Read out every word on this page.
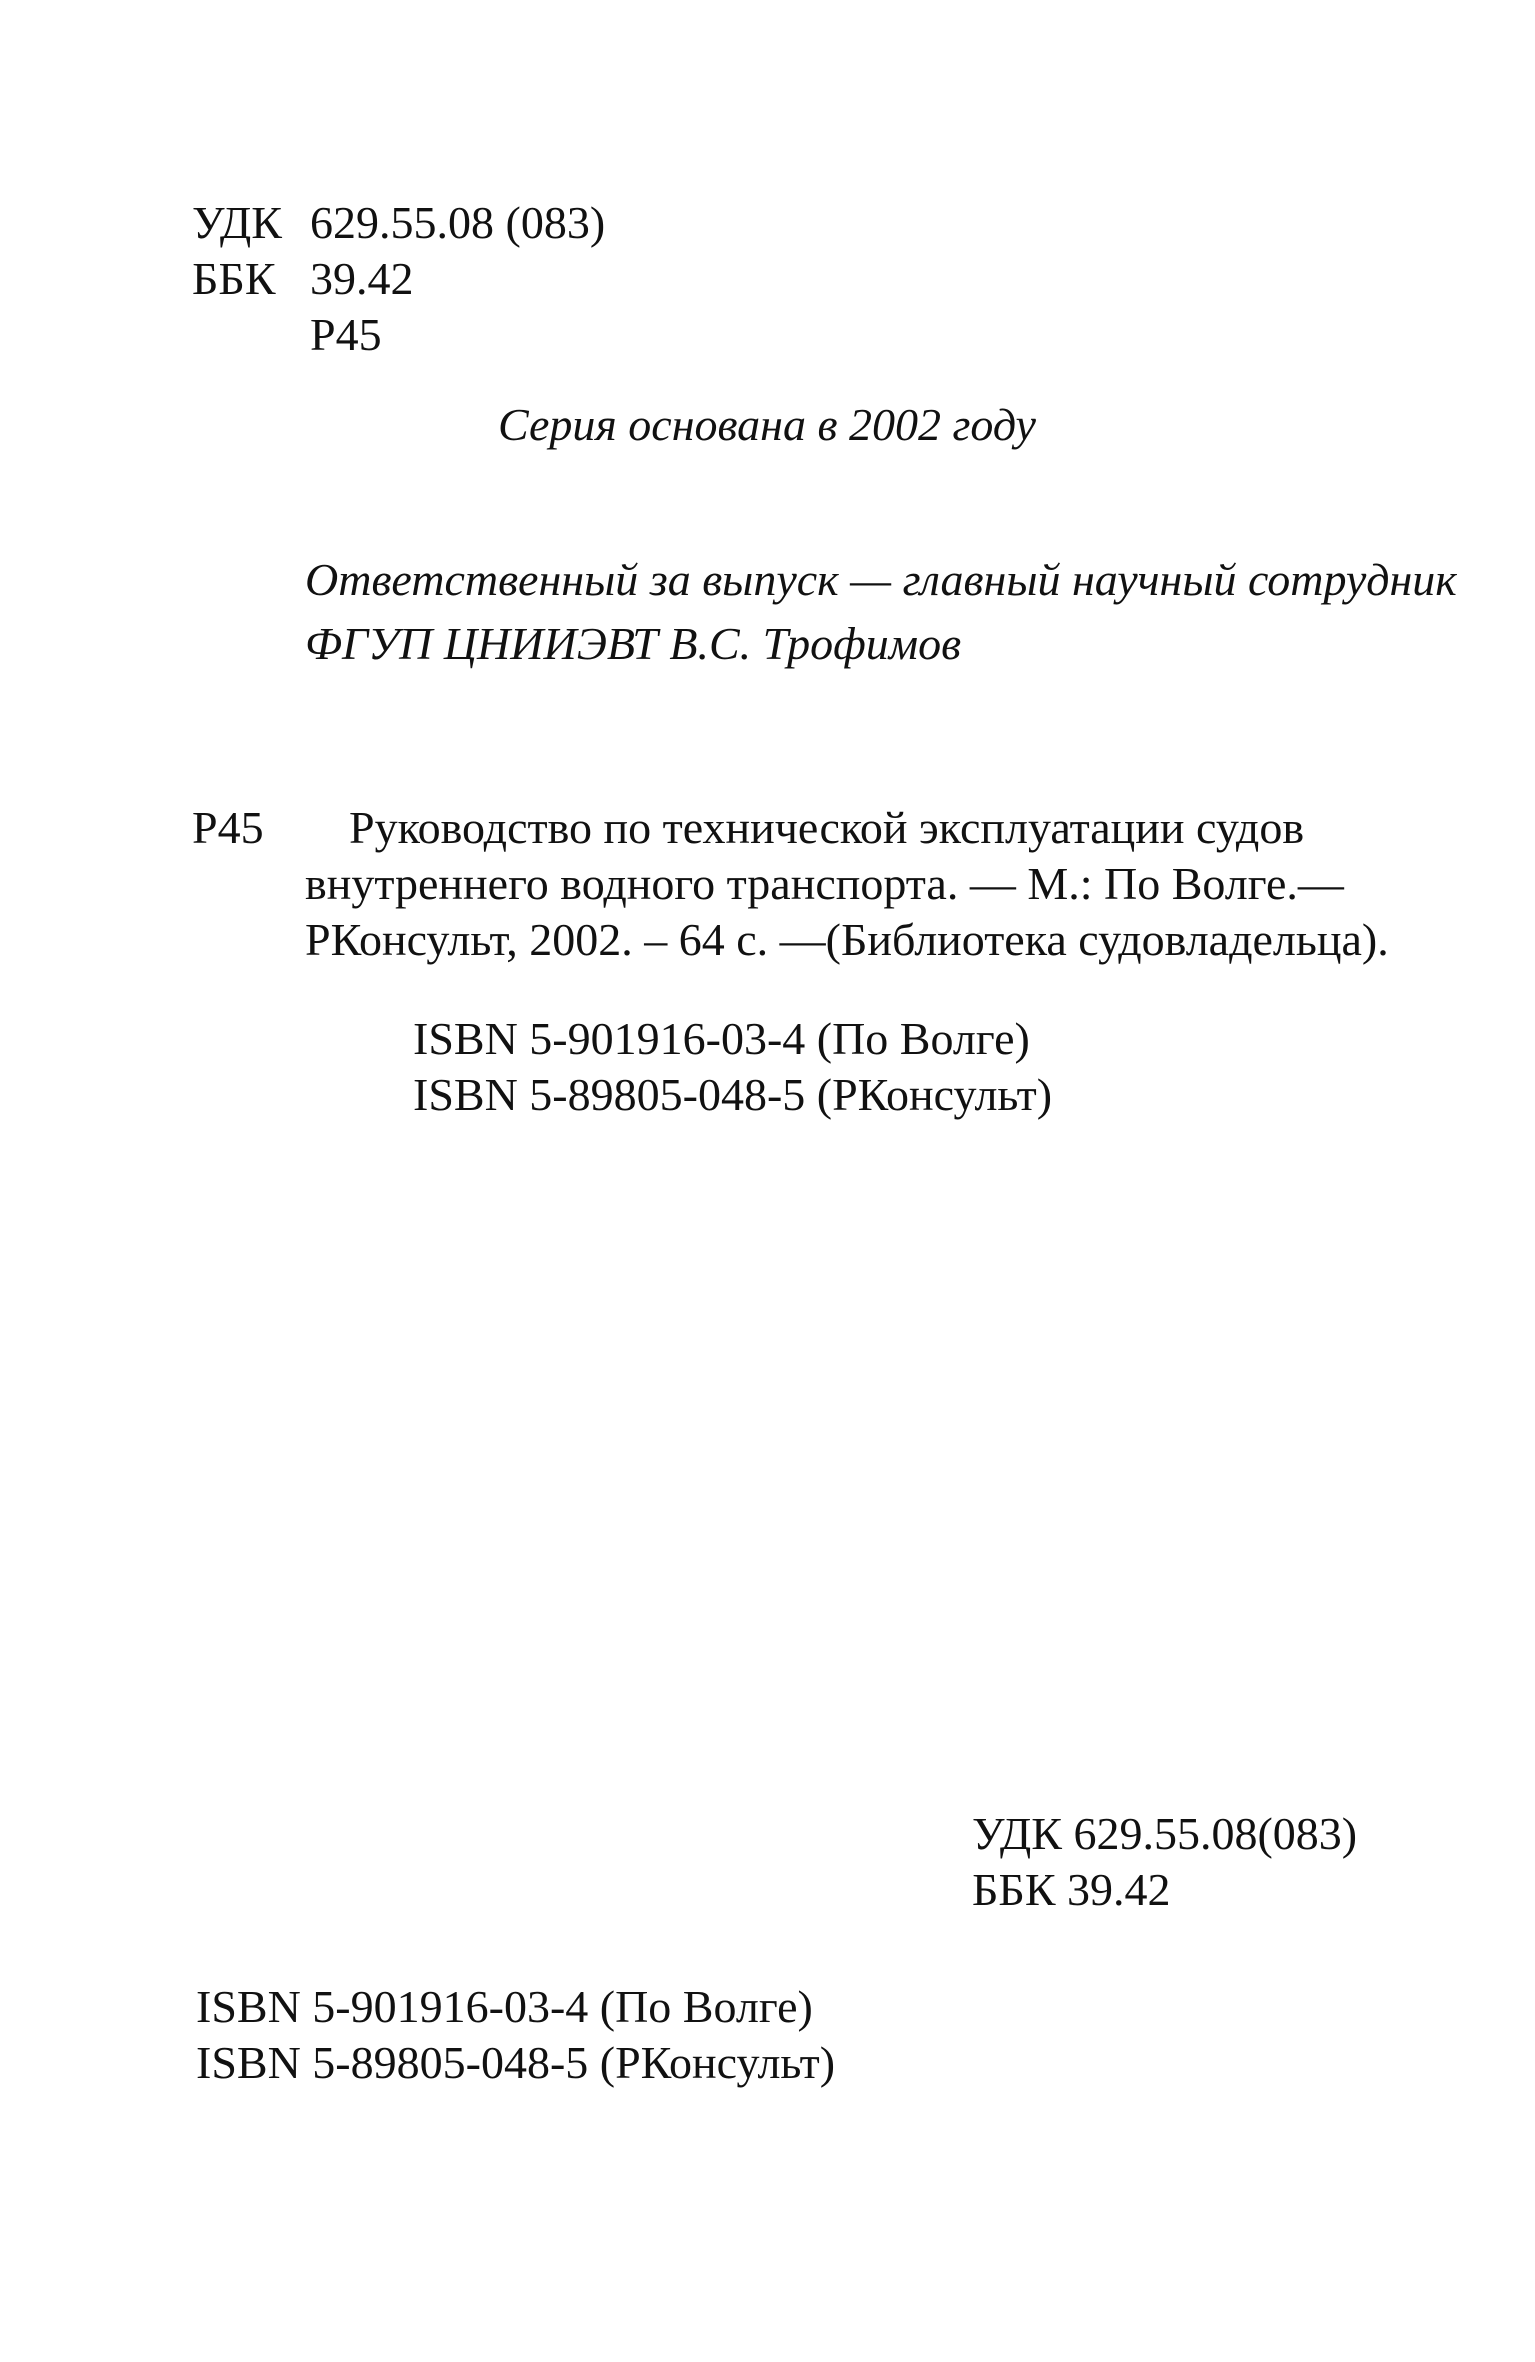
УДК 629.55.08 (083)
ББК 39.42
Р45
Серия основана в 2002 году
Ответственный за выпуск — главный научный сотрудник
ФГУП ЦНИИЭВТ В.С. Трофимов
Р45 Руководство по технической эксплуатации судов
внутреннего водного транспорта. — М.: По Волге.—
РКонсульт, 2002. – 64 с. —(Библиотека судовладельца).
ISBN 5-901916-03-4 (По Волге)
ISBN 5-89805-048-5 (РКонсульт)
УДК 629.55.08(083)
ББК 39.42
ISBN 5-901916-03-4 (По Волге)
ISBN 5-89805-048-5 (РКонсульт)
